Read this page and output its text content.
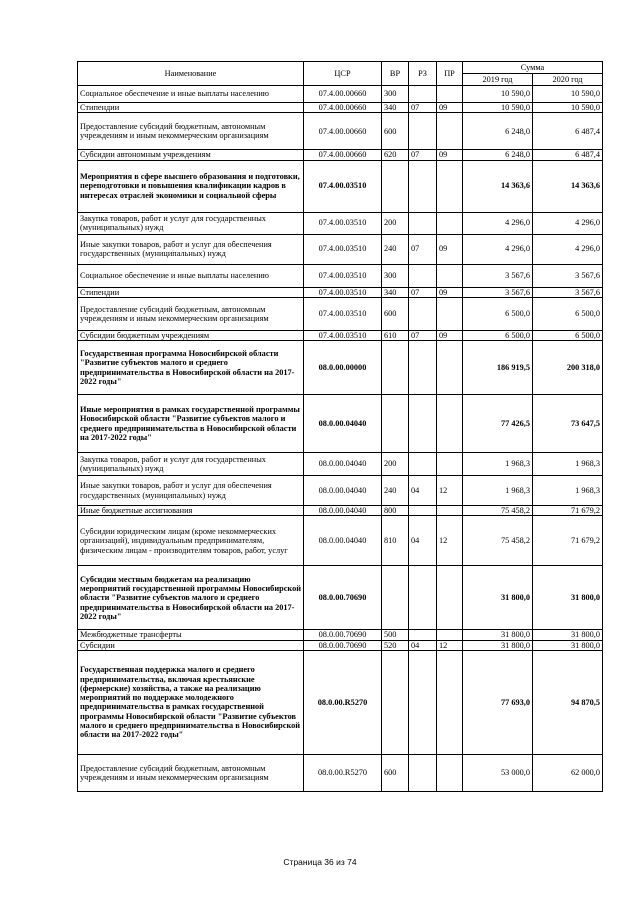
Наименование	ЦСР	ВР	РЗ	ПР	Сумма	
					2019 год	2020 год
Социальное обеспечение и иные выплаты населению	07.4.00.00660	300			10 590,0	10 590,0
Стипендии	07.4.00.00660	340	07	09	10 590,0	10 590,0
Предоставление субсидий бюджетным, автономным учреждениям и иным некоммерческим организациям	07.4.00.00660	600			6 248,0	6 487,4
Субсидии автономным учреждениям	07.4.00.00660	620	07	09	6 248,0	6 487,4
Мероприятия в сфере высшего образования и подготовки, переподготовки и повышения квалификации кадров в интересах отраслей экономики и социальной сферы	07.4.00.03510				14 363,6	14 363,6
Закупка товаров, работ и услуг для государственных (муниципальных) нужд	07.4.00.03510	200			4 296,0	4 296,0
Иные закупки товаров, работ и услуг для обеспечения государственных (муниципальных) нужд	07.4.00.03510	240	07	09	4 296,0	4 296,0
Социальное обеспечение и иные выплаты населению	07.4.00.03510	300			3 567,6	3 567,6
Стипендии	07.4.00.03510	340	07	09	3 567,6	3 567,6
Предоставление субсидий бюджетным, автономным учреждениям и иным некоммерческим организациям	07.4.00.03510	600			6 500,0	6 500,0
Субсидии бюджетным учреждениям	07.4.00.03510	610	07	09	6 500,0	6 500,0
Государственная программа Новосибирской области "Развитие субъектов малого и среднего предпринимательства в Новосибирской области на 2017-2022 годы"	08.0.00.00000				186 919,5	200 318,0
Иные мероприятия в рамках государственной программы Новосибирской области "Развитие субъектов малого и среднего предпринимательства в Новосибирской области на 2017-2022 годы"	08.0.00.04040				77 426,5	73 647,5
Закупка товаров, работ и услуг для государственных (муниципальных) нужд	08.0.00.04040	200			1 968,3	1 968,3
Иные закупки товаров, работ и услуг для обеспечения государственных (муниципальных) нужд	08.0.00.04040	240	04	12	1 968,3	1 968,3
Иные бюджетные ассигнования	08.0.00.04040	800			75 458,2	71 679,2
Субсидии юридическим лицам (кроме некоммерческих организаций), индивидуальным предпринимателям, физическим лицам - производителям товаров, работ, услуг	08.0.00.04040	810	04	12	75 458,2	71 679,2
Субсидии местным бюджетам на реализацию мероприятий государственной программы Новосибирской области "Развитие субъектов малого и среднего предпринимательства в Новосибирской области на 2017-2022 годы"	08.0.00.70690				31 800,0	31 800,0
Межбюджетные трансферты	08.0.00.70690	500			31 800,0	31 800,0
Субсидии	08.0.00.70690	520	04	12	31 800,0	31 800,0
Государственная поддержка малого и среднего предпринимательства, включая крестьянские (фермерские) хозяйства, а также на реализацию мероприятий по поддержке молодежного предпринимательства в рамках государственной программы Новосибирской области "Развитие субъектов малого и среднего предпринимательства в Новосибирской области на 2017-2022 годы"	08.0.00.R5270				77 693,0	94 870,5
Предоставление субсидий бюджетным, автономным учреждениям и иным некоммерческим организациям	08.0.00.R5270	600			53 000,0	62 000,0
Страница 36 из 74
